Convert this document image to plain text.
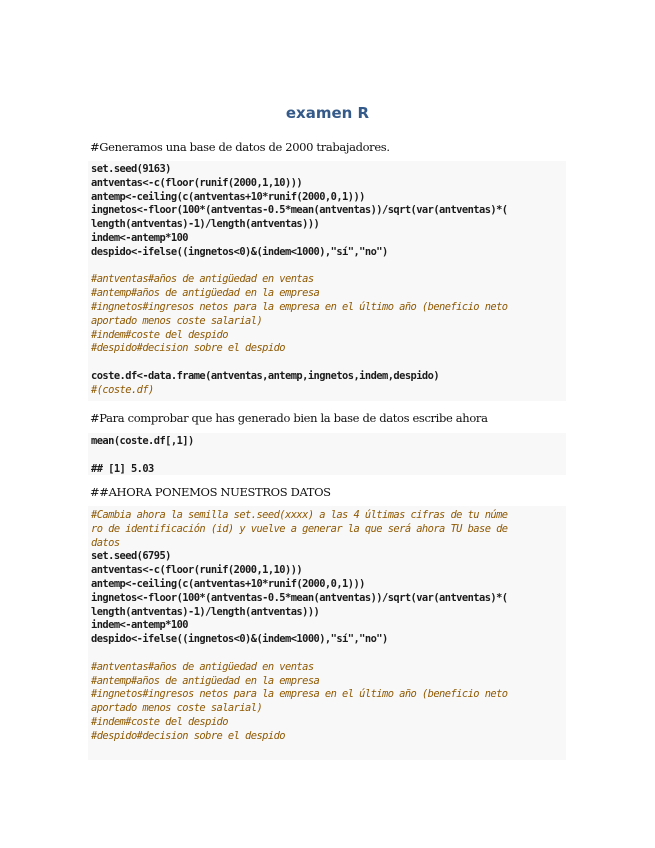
examen R
#Generamos una base de datos de 2000 trabajadores.
set.seed(9163)
antventas<-c(floor(runif(2000,1,10)))
antemp<-ceiling(c(antventas+10*runif(2000,0,1)))
ingnetos<-floor(100*(antventas-0.5*mean(antventas))/sqrt(var(antventas)*(
length(antventas)-1)/length(antventas)))
indem<-antemp*100
despido<-ifelse((ingnetos<0)&(indem<1000),"sí","no")
#antventas#años de antigüedad en ventas
#antemp#años de antigüedad en la empresa
#ingnetos#ingresos netos para la empresa en el último año (beneficio neto
aportado menos coste salarial)
#indem#coste del despido
#despido#decision sobre el despido
coste.df<-data.frame(antventas,antemp,ingnetos,indem,despido)
#(coste.df)
#Para comprobar que has generado bien la base de datos escribe ahora
mean(coste.df[,1])
## [1] 5.03
##AHORA PONEMOS NUESTROS DATOS
#Cambia ahora la semilla set.seed(xxxx) a las 4 últimas cifras de tu núme
ro de identificación (id) y vuelve a generar la que será ahora TU base de
datos
set.seed(6795)
antventas<-c(floor(runif(2000,1,10)))
antemp<-ceiling(c(antventas+10*runif(2000,0,1)))
ingnetos<-floor(100*(antventas-0.5*mean(antventas))/sqrt(var(antventas)*(
length(antventas)-1)/length(antventas)))
indem<-antemp*100
despido<-ifelse((ingnetos<0)&(indem<1000),"sí","no")
#antventas#años de antigüedad en ventas
#antemp#años de antigüedad en la empresa
#ingnetos#ingresos netos para la empresa en el último año (beneficio neto
aportado menos coste salarial)
#indem#coste del despido
#despido#decision sobre el despido
